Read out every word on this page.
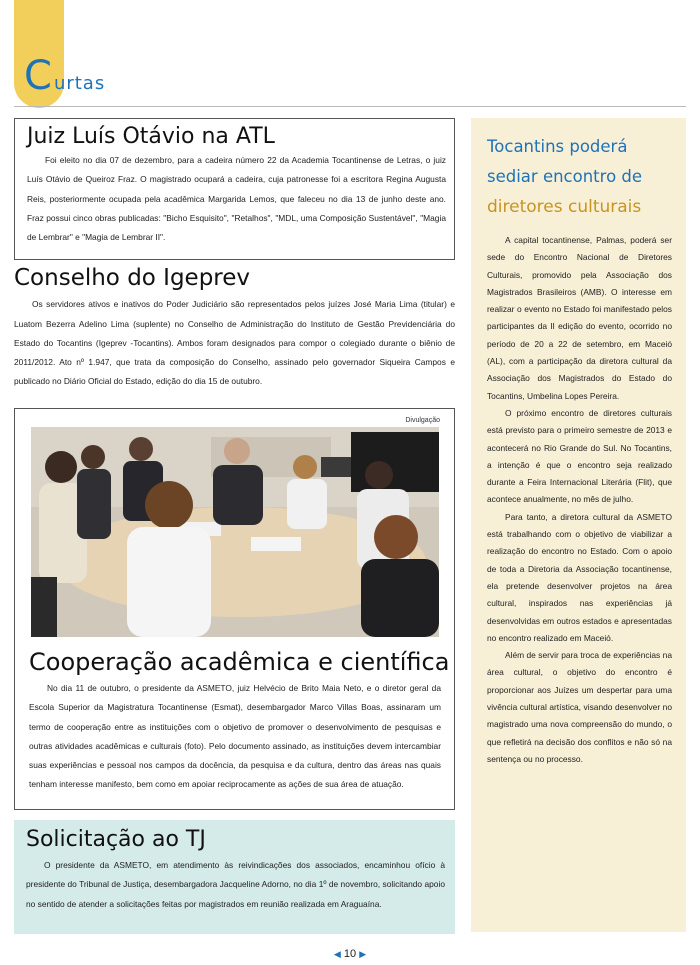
C urtas
Juiz Luís Otávio na ATL

Foi eleito no dia 07 de dezembro, para a cadeira número 22 da Academia Tocantinense de Letras, o juiz Luís Otávio de Queiroz Fraz. O magistrado ocupará a cadeira, cuja patronesse foi a escritora Regina Augusta Reis, posteriormente ocupada pela acadêmica Margarida Lemos, que faleceu no dia 13 de junho deste ano. Fraz possui cinco obras publicadas: "Bicho Esquisito", "Retalhos", "MDL, uma Composição Sustentável", "Magia de Lembrar" e "Magia de Lembrar II".

Conselho do Igeprev

Os servidores ativos e inativos do Poder Judiciário são representados pelos juízes José Maria Lima (titular) e Luatom Bezerra Adelino Lima (suplente) no Conselho de Administração do Instituto de Gestão Previdenciária do Estado do Tocantins (Igeprev -Tocantins). Ambos foram designados para compor o colegiado durante o biênio de 2011/2012. Ato nº 1.947, que trata da composição do Conselho, assinado pelo governador Siqueira Campos e publicado no Diário Oficial do Estado, edição do dia 15 de outubro.

Divulgação
Cooperação acadêmica e científica

No dia 11 de outubro, o presidente da ASMETO, juiz Helvécio de Brito Maia Neto, e o diretor geral da Escola Superior da Magistratura Tocantinense (Esmat), desembargador Marco Villas Boas, assinaram um termo de cooperação entre as instituições com o objetivo de promover o desenvolvimento de pesquisas e outras atividades acadêmicas e culturais (foto). Pelo documento assinado, as instituições devem intercambiar suas experiências e pessoal nos campos da docência, da pesquisa e da cultura, dentro das áreas nas quais tenham interesse manifesto, bem como em apoiar reciprocamente as ações de sua área de atuação.

Solicitação ao TJ

O presidente da ASMETO, em atendimento às reivindicações dos associados, encaminhou ofício à presidente do Tribunal de Justiça, desembargadora Jacqueline Adorno, no dia 1º de novembro, solicitando apoio no sentido de atender a solicitações feitas por magistrados em reunião realizada em Araguaína.

Tocantins poderá
sediar encontro de
diretores culturais

A capital tocantinense, Palmas, poderá ser sede do Encontro Nacional de Diretores Culturais, promovido pela Associação dos Magistrados Brasileiros (AMB). O interesse em realizar o evento no Estado foi manifestado pelos participantes da II edição do evento, ocorrido no período de 20 a 22 de setembro, em Maceió (AL), com a participação da diretora cultural da Associação dos Magistrados do Estado do Tocantins, Umbelina Lopes Pereira.

O próximo encontro de diretores culturais está previsto para o primeiro semestre de 2013 e acontecerá no Rio Grande do Sul. No Tocantins, a intenção é que o encontro seja realizado durante a Feira Internacional Literária (Flit), que acontece anualmente, no mês de julho.

Para tanto, a diretora cultural da ASMETO está trabalhando com o objetivo de viabilizar a realização do encontro no Estado. Com o apoio de toda a Diretoria da Associação tocantinense, ela pretende desenvolver projetos na área cultural, inspirados nas experiências já desenvolvidas em outros estados e apresentadas no encontro realizado em Maceió.

Além de servir para troca de experiências na área cultural, o objetivo do encontro é proporcionar aos Juízes um despertar para uma vivência cultural artística, visando desenvolver no magistrado uma nova compreensão do mundo, o que refletirá na decisão dos conflitos e não só na sentença ou no processo.

◀ 10 ▶
